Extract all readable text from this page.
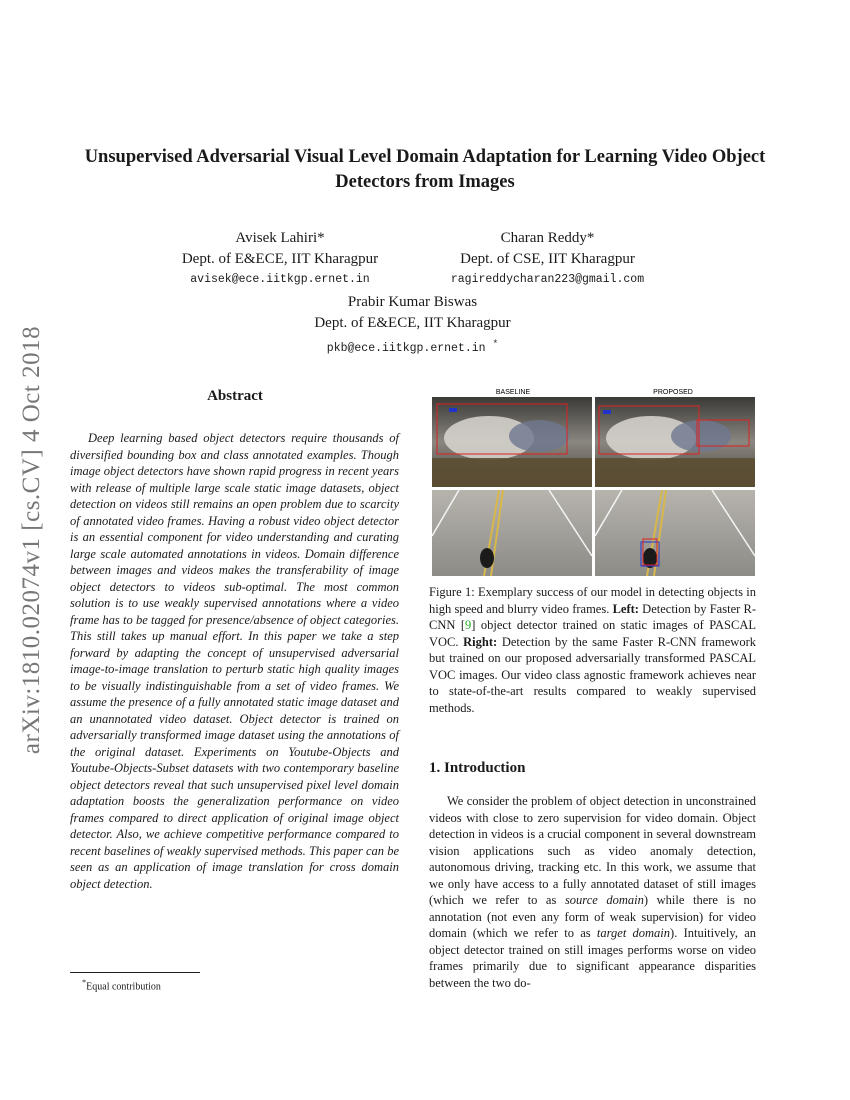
arXiv:1810.02074v1 [cs.CV] 4 Oct 2018
Unsupervised Adversarial Visual Level Domain Adaptation for Learning Video Object Detectors from Images
Avisek Lahiri*
Dept. of E&ECE, IIT Kharagpur
avisek@ece.iitkgp.ernet.in
Charan Reddy*
Dept. of CSE, IIT Kharagpur
ragireddycharan223@gmail.com
Prabir Kumar Biswas
Dept. of E&ECE, IIT Kharagpur
pkb@ece.iitkgp.ernet.in *
Abstract

Deep learning based object detectors require thousands of diversified bounding box and class annotated examples. Though image object detectors have shown rapid progress in recent years with release of multiple large scale static image datasets, object detection on videos still remains an open problem due to scarcity of annotated video frames. Having a robust video object detector is an essential component for video understanding and curating large scale automated annotations in videos. Domain difference between images and videos makes the transferability of image object detectors to videos sub-optimal. The most common solution is to use weakly supervised annotations where a video frame has to be tagged for presence/absence of object categories. This still takes up manual effort. In this paper we take a step forward by adapting the concept of unsupervised adversarial image-to-image translation to perturb static high quality images to be visually indistinguishable from a set of video frames. We assume the presence of a fully annotated static image dataset and an unannotated video dataset. Object detector is trained on adversarially transformed image dataset using the annotations of the original dataset. Experiments on Youtube-Objects and Youtube-Objects-Subset datasets with two contemporary baseline object detectors reveal that such unsupervised pixel level domain adaptation boosts the generalization performance on video frames compared to direct application of original image object detector. Also, we achieve competitive performance compared to recent baselines of weakly supervised methods. This paper can be seen as an application of image translation for cross domain object detection.

*Equal contribution
BASELINE	PROPOSED

Figure 1: Exemplary success of our model in detecting objects in high speed and blurry video frames. Left: Detection by Faster R-CNN [9] object detector trained on static images of PASCAL VOC. Right: Detection by the same Faster R-CNN framework but trained on our proposed adversarially transformed PASCAL VOC images. Our video class agnostic framework achieves near to state-of-the-art results compared to weakly supervised methods.

1. Introduction

We consider the problem of object detection in unconstrained videos with close to zero supervision for video domain. Object detection in videos is a crucial component in several downstream vision applications such as video anomaly detection, autonomous driving, tracking etc. In this work, we assume that we only have access to a fully annotated dataset of still images (which we refer to as source domain) while there is no annotation (not even any form of weak supervision) for video domain (which we refer to as target domain). Intuitively, an object detector trained on still images performs worse on video frames primarily due to significant appearance disparities between the two do-
